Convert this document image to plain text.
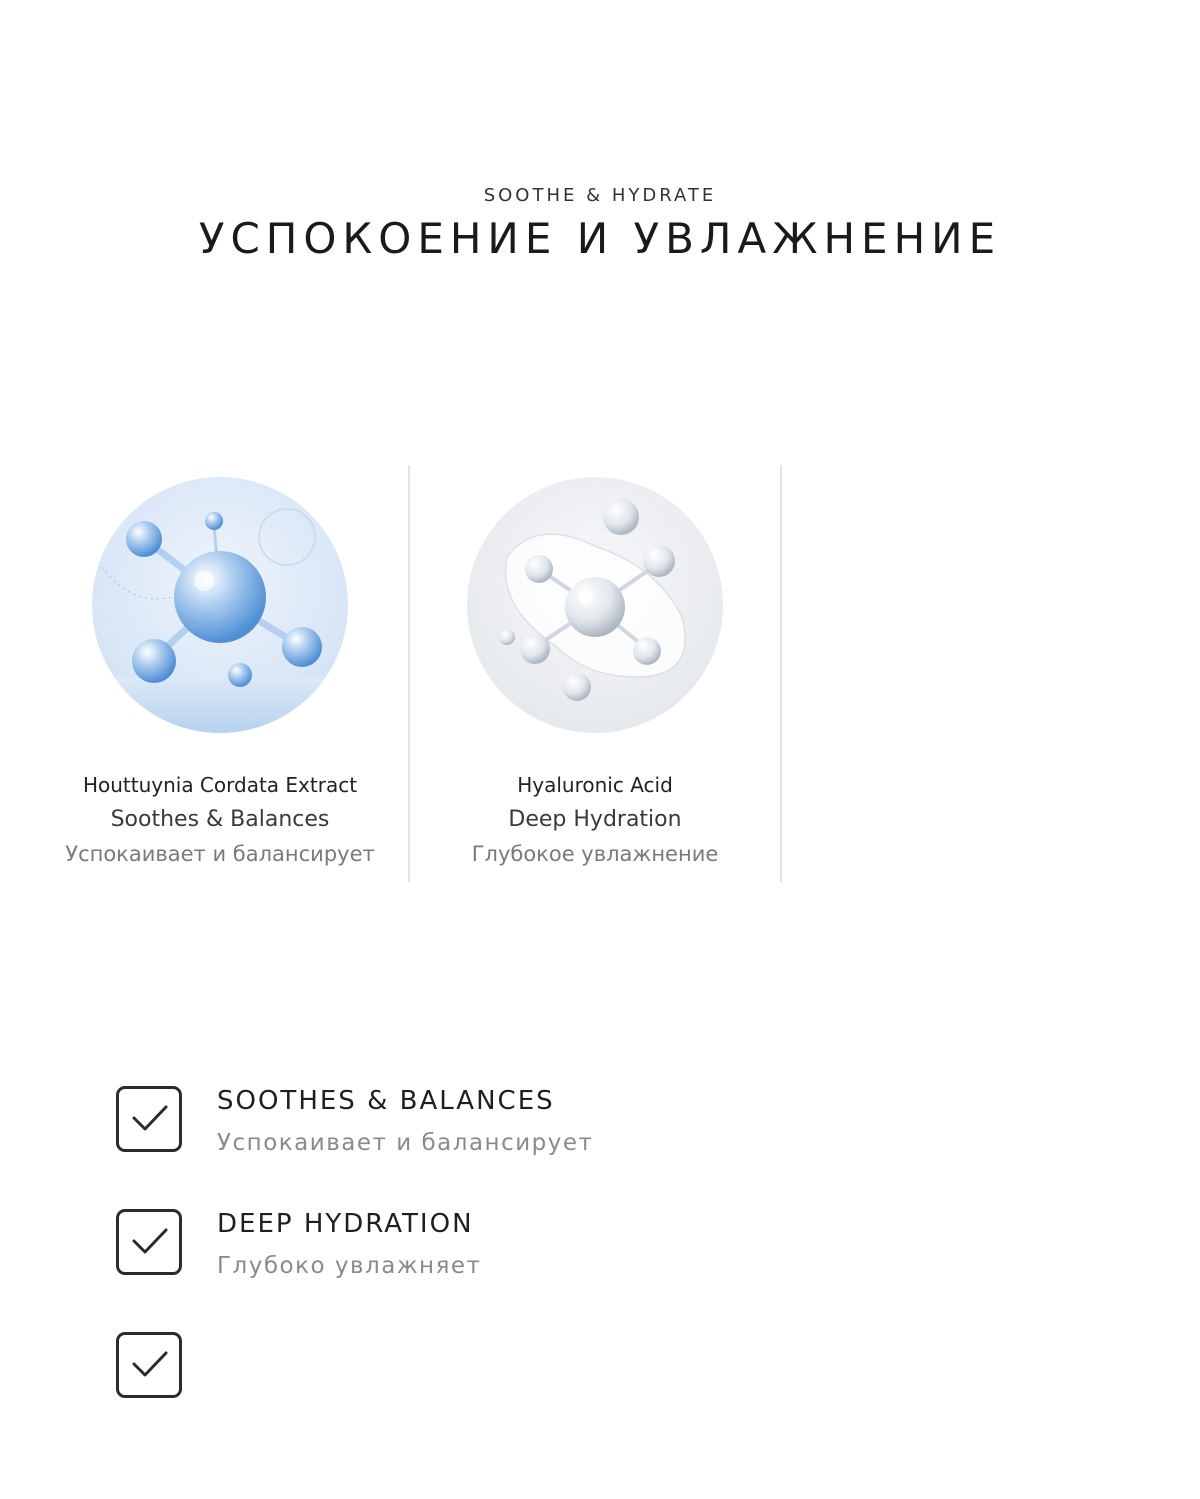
SOOTHE & HYDRATE
УСПОКОЕНИЕ И УВЛАЖНЕНИЕ
Houttuynia Cordata Extract
Soothes & Balances
Успокаивает и балансирует
Hyaluronic Acid
Deep Hydration
Глубокое увлажнение
SOOTHES & BALANCES
Успокаивает и балансирует
DEEP HYDRATION
Глубоко увлажняет
